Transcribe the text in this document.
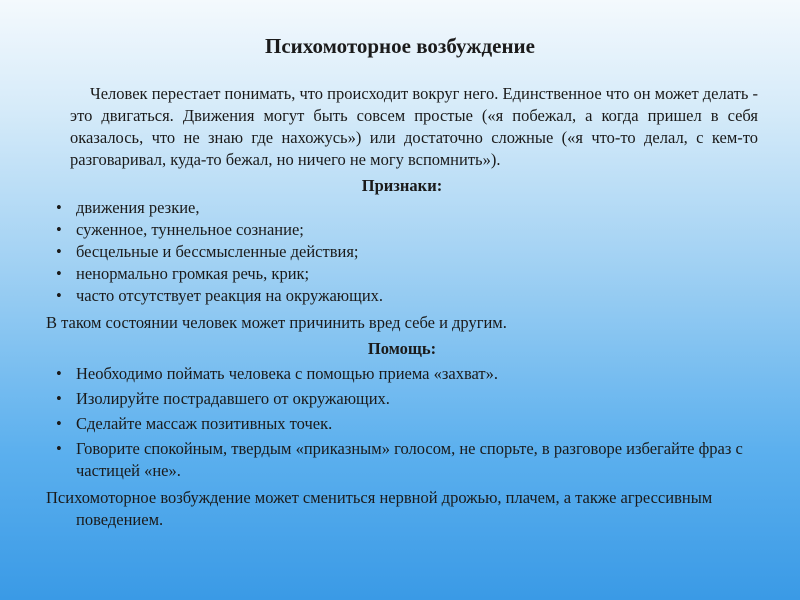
Психомоторное возбуждение

Человек перестает понимать, что происходит вокруг него. Единственное что он может делать - это двигаться. Движения могут быть совсем простые («я побежал, а когда пришел в себя оказалось, что не знаю где нахожусь») или достаточно сложные («я что-то делал, с кем-то разговаривал, куда-то бежал, но ничего не могу вспомнить»).

Признаки:
• движения резкие,
• суженное, туннельное сознание;
• бесцельные и бессмысленные действия;
• ненормально громкая речь, крик;
• часто отсутствует реакция на окружающих.

В таком состоянии человек может причинить вред себе и другим.

Помощь:
• Необходимо поймать человека с помощью приема «захват».
• Изолируйте пострадавшего от окружающих.
• Сделайте массаж позитивных точек.
• Говорите спокойным, твердым «приказным» голосом, не спорьте, в разговоре избегайте фраз с частицей «не».

Психомоторное возбуждение может смениться нервной дрожью, плачем, а также агрессивным поведением.
